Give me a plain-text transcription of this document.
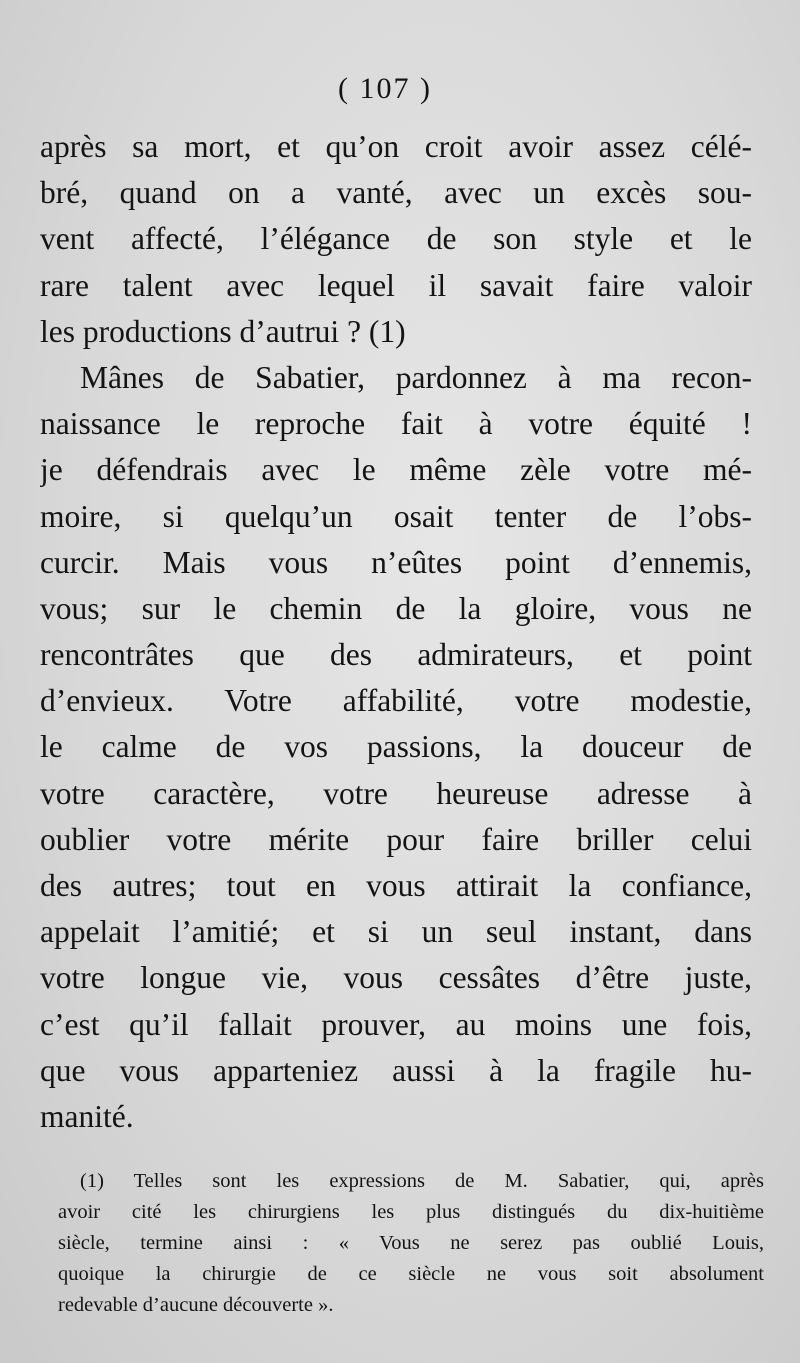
( 107 )
après sa mort, et qu’on croit avoir assez célé-
bré, quand on a vanté, avec un excès sou-
vent affecté, l’élégance de son style et le
rare talent avec lequel il savait faire valoir
les productions d’autrui ? (1)
Mânes de Sabatier, pardonnez à ma recon-
naissance le reproche fait à votre équité !
je défendrais avec le même zèle votre mé-
moire, si quelqu’un osait tenter de l’obs-
curcir. Mais vous n’eûtes point d’ennemis,
vous; sur le chemin de la gloire, vous ne
rencontrâtes que des admirateurs, et point
d’envieux. Votre affabilité, votre modestie,
le calme de vos passions, la douceur de
votre caractère, votre heureuse adresse à
oublier votre mérite pour faire briller celui
des autres; tout en vous attirait la confiance,
appelait l’amitié; et si un seul instant, dans
votre longue vie, vous cessâtes d’être juste,
c’est qu’il fallait prouver, au moins une fois,
que vous apparteniez aussi à la fragile hu-
manité.
(1) Telles sont les expressions de M. Sabatier, qui, après
avoir cité les chirurgiens les plus distingués du dix-huitième
siècle, termine ainsi : « Vous ne serez pas oublié Louis,
quoique la chirurgie de ce siècle ne vous soit absolument
redevable d’aucune découverte ».
